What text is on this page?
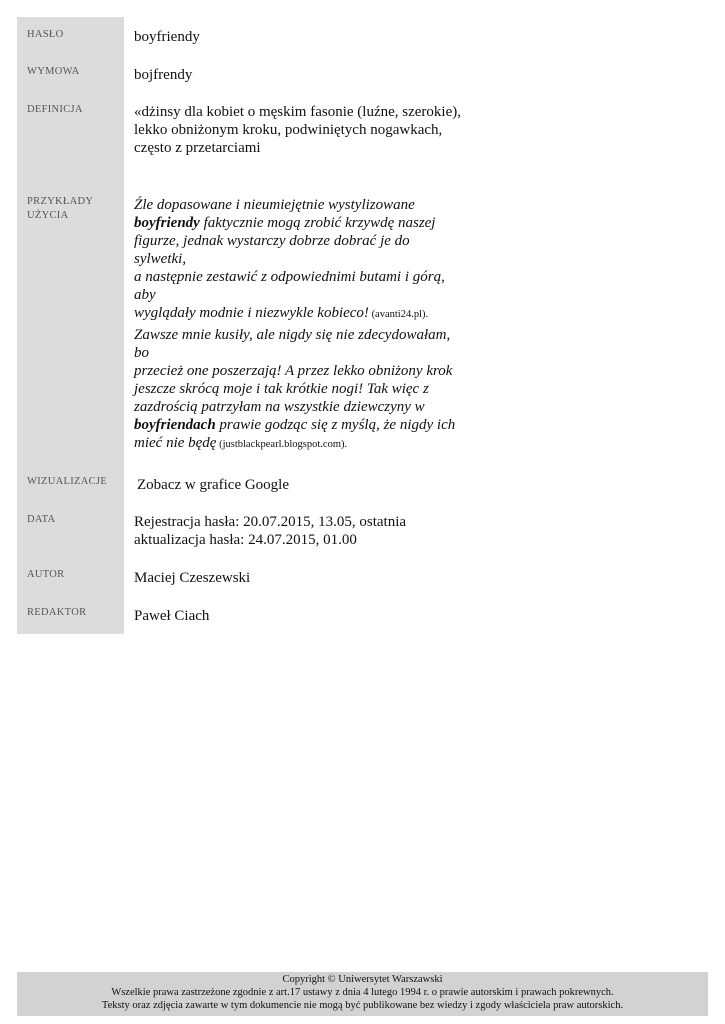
HASŁO
WYMOWA
DEFINICJA
PRZYKŁADY
UŻYCIA
WIZUALIZACJE
DATA
AUTOR
REDAKTOR
boyfriendy
bojfrendy
«dżinsy dla kobiet o męskim fasonie (luźne, szerokie),
lekko obniżonym kroku, podwiniętych nogawkach,
często z przetarciami
Źle dopasowane i nieumiejętnie wystylizowane
boyfriendy faktycznie mogą zrobić krzywdę naszej
figurze, jednak wystarczy dobrze dobrać je do sylwetki,
a następnie zestawić z odpowiednimi butami i górą, aby
wyglądały modnie i niezwykle kobieco! (avanti24.pl).
Zawsze mnie kusiły, ale nigdy się nie zdecydowałam, bo
przecież one poszerzają! A przez lekko obniżony krok
jeszcze skrócą moje i tak krótkie nogi! Tak więc z
zazdrością patrzyłam na wszystkie dziewczyny w
boyfriendach prawie godząc się z myślą, że nigdy ich
mieć nie będę (justblackpearl.blogspot.com).
Zobacz w grafice Google
Rejestracja hasła: 20.07.2015, 13.05, ostatnia
aktualizacja hasła: 24.07.2015, 01.00
Maciej Czeszewski
Paweł Ciach
Copyright © Uniwersytet Warszawski
Wszelkie prawa zastrzeżone zgodnie z art.17 ustawy z dnia 4 lutego 1994 r. o prawie autorskim i prawach pokrewnych.
Teksty oraz zdjęcia zawarte w tym dokumencie nie mogą być publikowane bez wiedzy i zgody właściciela praw autorskich.
